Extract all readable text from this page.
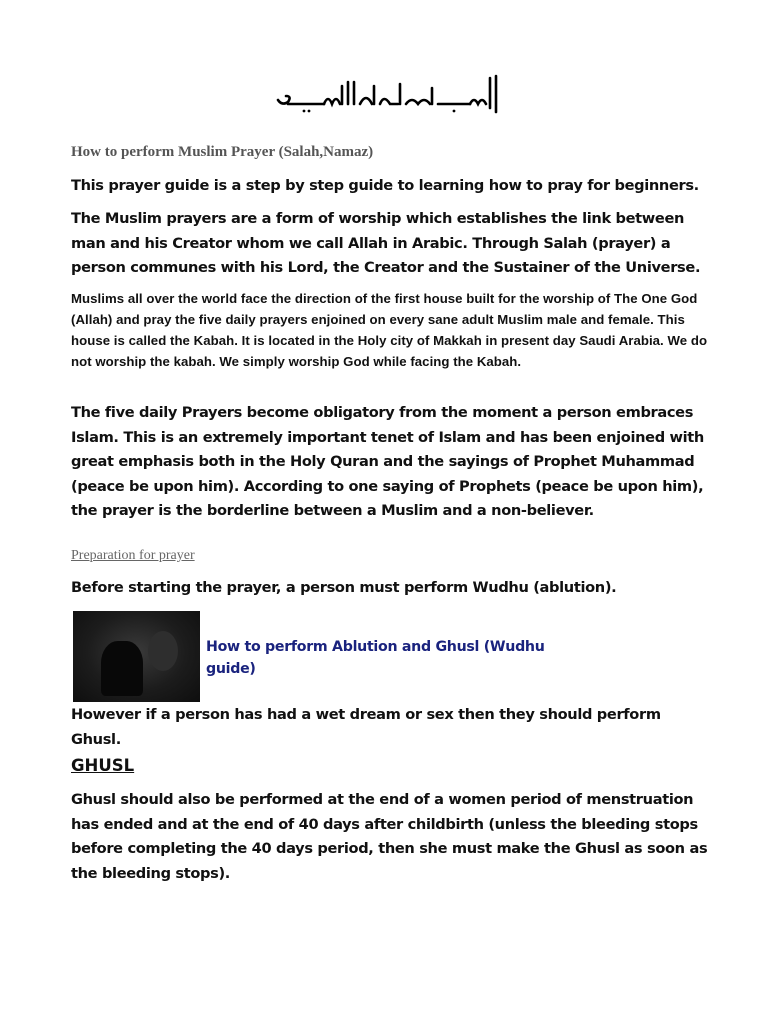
How to perform Muslim Prayer (Salah,Namaz)
This prayer guide is a step by step guide to learning how to pray for beginners.
The Muslim prayers are a form of worship which establishes the link between man and his Creator whom we call Allah in Arabic. Through Salah (prayer) a person communes with his Lord, the Creator and the Sustainer of the Universe.
Muslims all over the world face the direction of the first house built for the worship of The One God (Allah) and pray the five daily prayers enjoined on every sane adult Muslim male and female. This house is called the Kabah. It is located in the Holy city of Makkah in present day Saudi Arabia. We do not worship the kabah. We simply worship God while facing the Kabah.
The five daily Prayers become obligatory from the moment a person embraces Islam. This is an extremely important tenet of Islam and has been enjoined with great emphasis both in the Holy Quran and the sayings of Prophet Muhammad (peace be upon him). According to one saying of Prophets (peace be upon him), the prayer is the borderline between a Muslim and a non-believer.
Preparation for prayer
Before starting the prayer, a person must perform Wudhu (ablution).
How to perform Ablution and Ghusl (Wudhu guide)
However if a person has had a wet dream or sex then they should perform Ghusl.
GHUSL
Ghusl should also be performed at the end of a women period of menstruation has ended and at the end of 40 days after childbirth (unless the bleeding stops before completing the 40 days period, then she must make the Ghusl as soon as the bleeding stops).
